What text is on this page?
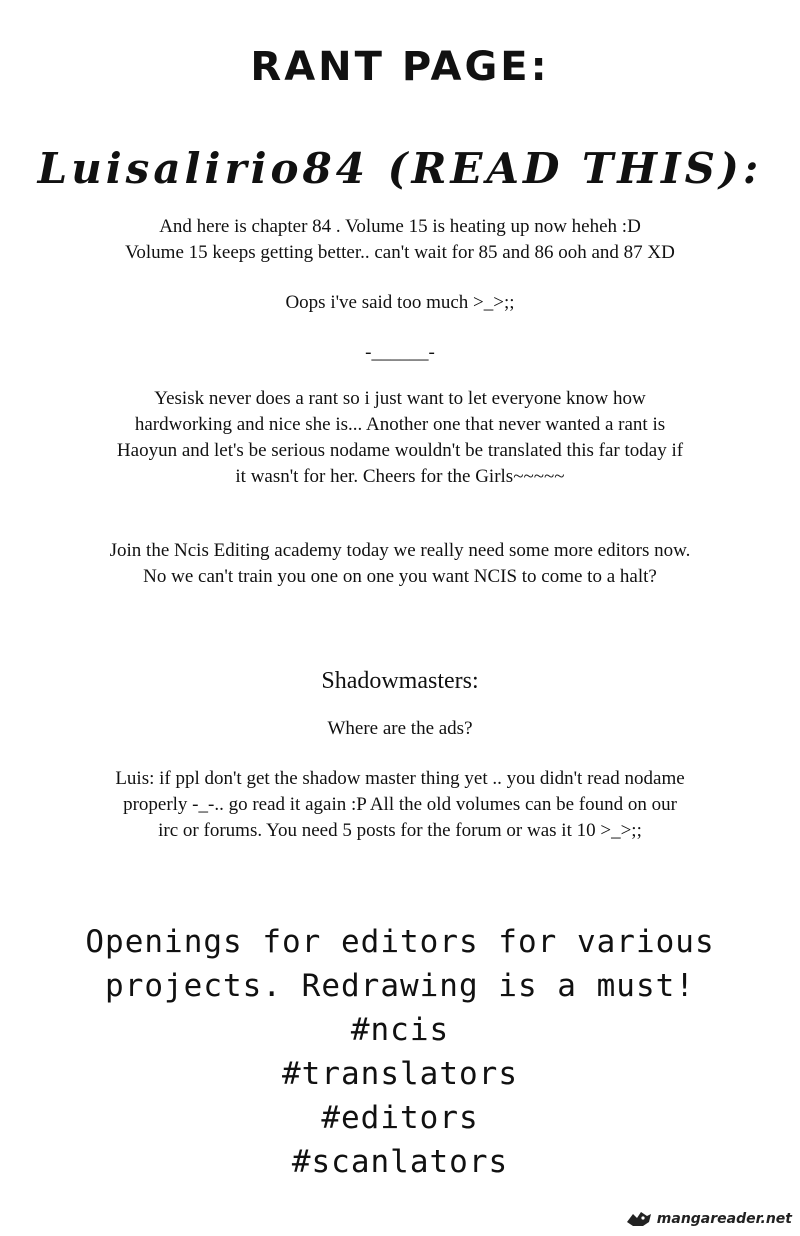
RANT PAGE:
Luisalirio84 (READ THIS):
And here is chapter 84 . Volume 15 is heating up now heheh :D
Volume 15 keeps getting better.. can't wait for 85 and 86 ooh and 87 XD
Oops i've said too much >_>;;
-______-
Yesisk never does a rant so i just want to let everyone know how
hardworking and nice she is... Another one that never wanted a rant is
Haoyun and let's be serious nodame wouldn't be translated this far today if
it wasn't for her. Cheers for the Girls~~~~~
Join the Ncis Editing academy today we really need some more editors now.
No we can't train you one on one you want NCIS to come to a halt?
Shadowmasters:
Where are the ads?
Luis: if ppl don't get the shadow master thing yet .. you didn't read nodame
properly -_-.. go read it again :P All the old volumes can be found on our
irc or forums. You need 5 posts for the forum or was it 10 >_>;;
Openings for editors for various
projects. Redrawing is a must!
#ncis
#translators
#editors
#scanlators
mangareader.net
